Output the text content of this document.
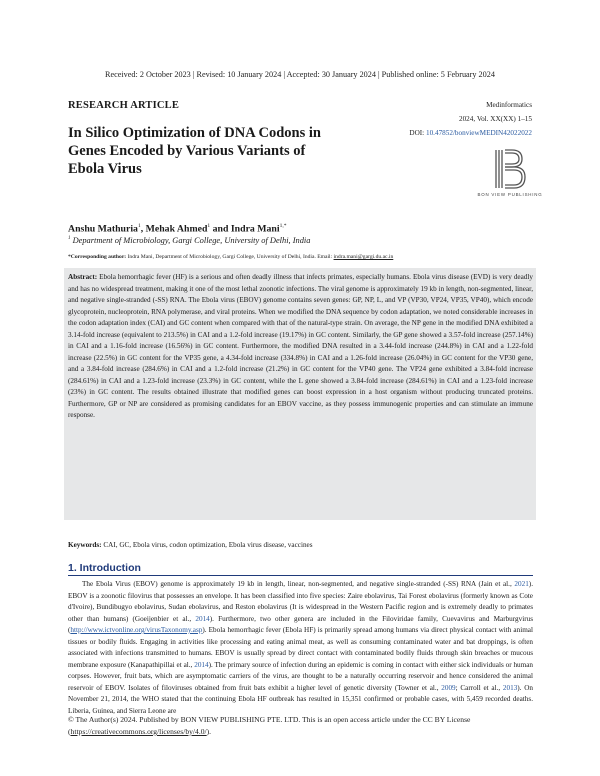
Received: 2 October 2023 | Revised: 10 January 2024 | Accepted: 30 January 2024 | Published online: 5 February 2024
RESEARCH ARTICLE	Medinformatics
2024, Vol. XX(XX) 1–15
DOI: 10.47852/bonviewMEDIN42022022
In Silico Optimization of DNA Codons in Genes Encoded by Various Variants of Ebola Virus
BON VIEW PUBLISHING
Anshu Mathuria$^1$, Mehak Ahmed$^1$ and Indra Mani$^{1,*}$
$^1$ Department of Microbiology, Gargi College, University of Delhi, India
*Corresponding author: Indra Mani, Department of Microbiology, Gargi College, University of Delhi, India. Email: indra.mani@gargi.du.ac.in
Abstract: Ebola hemorrhagic fever (HF) is a serious and often deadly illness that infects primates, especially humans. Ebola virus disease (EVD) is very deadly and has no widespread treatment, making it one of the most lethal zoonotic infections. The viral genome is approximately 19 kb in length, non-segmented, linear, and negative single-stranded (-SS) RNA. The Ebola virus (EBOV) genome contains seven genes: GP, NP, L, and VP (VP30, VP24, VP35, VP40), which encode glycoprotein, nucleoprotein, RNA polymerase, and viral proteins. When we modified the DNA sequence by codon adaptation, we noted considerable increases in the codon adaptation index (CAI) and GC content when compared with that of the natural-type strain. On average, the NP gene in the modified DNA exhibited a 3.14-fold increase (equivalent to 213.5%) in CAI and a 1.2-fold increase (19.17%) in GC content. Similarly, the GP gene showed a 3.57-fold increase (257.14%) in CAI and a 1.16-fold increase (16.56%) in GC content. Furthermore, the modified DNA resulted in a 3.44-fold increase (244.8%) in CAI and a 1.22-fold increase (22.5%) in GC content for the VP35 gene, a 4.34-fold increase (334.8%) in CAI and a 1.26-fold increase (26.04%) in GC content for the VP30 gene, and a 3.84-fold increase (284.6%) in CAI and a 1.2-fold increase (21.2%) in GC content for the VP40 gene. The VP24 gene exhibited a 3.84-fold increase (284.61%) in CAI and a 1.23-fold increase (23.3%) in GC content, while the L gene showed a 3.84-fold increase (284.61%) in CAI and a 1.23-fold increase (23%) in GC content. The results obtained illustrate that modified genes can boost expression in a host organism without producing truncated proteins. Furthermore, GP or NP are considered as promising candidates for an EBOV vaccine, as they possess immunogenic properties and can stimulate an immune response.
Keywords: CAI, GC, Ebola virus, codon optimization, Ebola virus disease, vaccines
1. Introduction
The Ebola Virus (EBOV) genome is approximately 19 kb in length, linear, non-segmented, and negative single-stranded (-SS) RNA (Jain et al., 2021). EBOV is a zoonotic filovirus that possesses an envelope. It has been classified into five species: Zaire ebolavirus, Tai Forest ebolavirus (formerly known as Cote d'Ivoire), Bundibugyo ebolavirus, Sudan ebolavirus, and Reston ebolavirus (It is widespread in the Western Pacific region and is extremely deadly to primates other than humans) (Goeijenbier et al., 2014). Furthermore, two other genera are included in the Filoviridae family, Cuevavirus and Marburgvirus (http://www.ictvonline.org/virusTaxonomy.asp). Ebola hemorrhagic fever (Ebola HF) is primarily spread among humans via direct physical contact with animal tissues or bodily fluids. Engaging in activities like processing and eating animal meat, as well as consuming contaminated water and bat droppings, is often associated with infections transmitted to humans. EBOV is usually spread by direct contact with contaminated bodily fluids through skin breaches or mucous membrane exposure (Kanapathipillai et al., 2014). The primary source of infection during an epidemic is coming in contact with either sick individuals or human corpses. However, fruit bats, which are asymptomatic carriers of the virus, are thought to be a naturally occurring reservoir and hence considered the animal reservoir of EBOV. Isolates of filoviruses obtained from fruit bats exhibit a higher level of genetic diversity (Towner et al., 2009; Carroll et al., 2013). On November 21, 2014, the WHO stated that the continuing Ebola HF outbreak has resulted in 15,351 confirmed or probable cases, with 5,459 recorded deaths. Liberia, Guinea, and Sierra Leone are
© The Author(s) 2024. Published by BON VIEW PUBLISHING PTE. LTD. This is an open access article under the CC BY License (https://creativecommons.org/licenses/by/4.0/).
